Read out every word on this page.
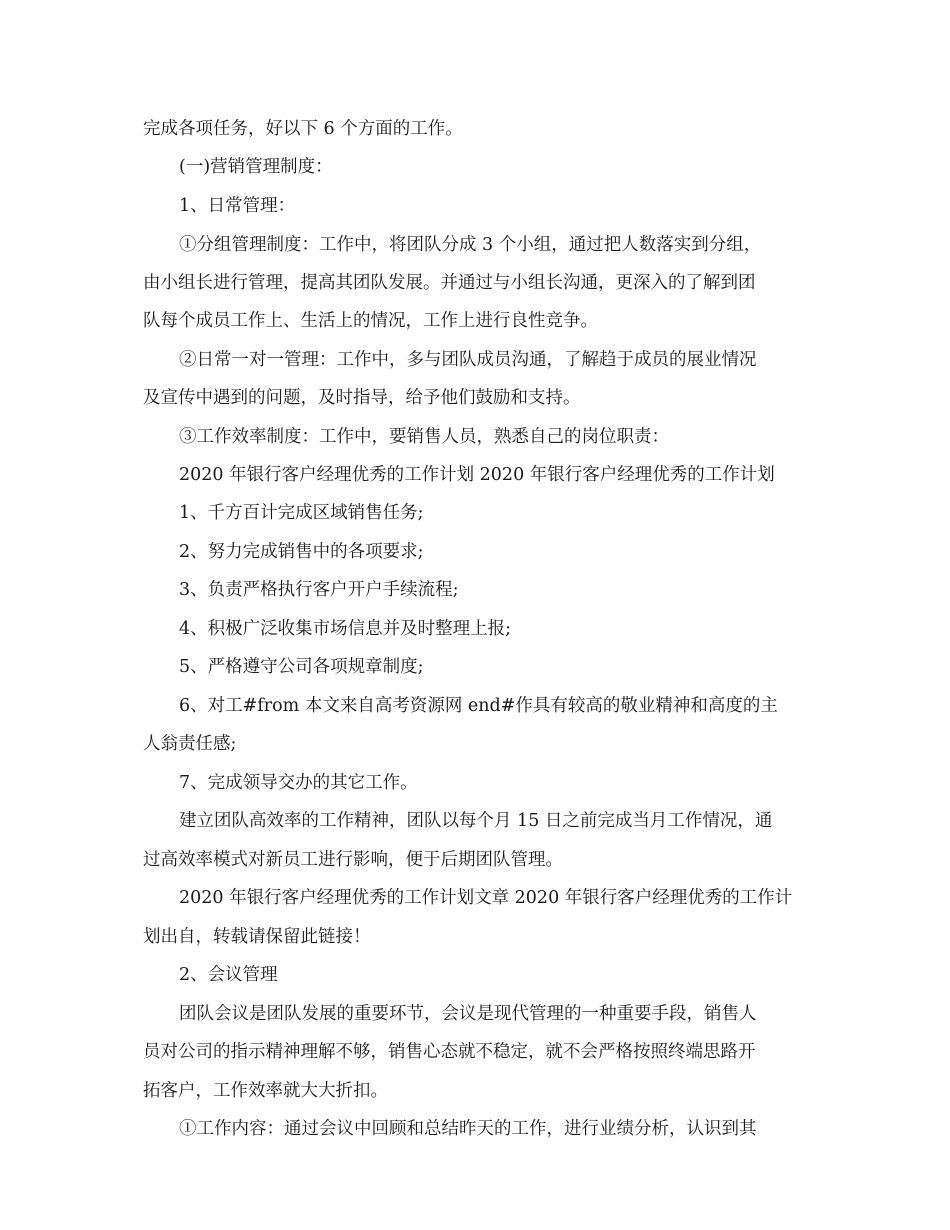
完成各项任务，好以下 6 个方面的工作。
(一)营销管理制度：
1、日常管理：
①分组管理制度：工作中，将团队分成 3 个小组，通过把人数落实到分组，
由小组长进行管理，提高其团队发展。并通过与小组长沟通，更深入的了解到团
队每个成员工作上、生活上的情况，工作上进行良性竞争。
②日常一对一管理：工作中，多与团队成员沟通，了解趋于成员的展业情况
及宣传中遇到的问题，及时指导，给予他们鼓励和支持。
③工作效率制度：工作中，要销售人员，熟悉自己的岗位职责：
2020 年银行客户经理优秀的工作计划 2020 年银行客户经理优秀的工作计划
1、千方百计完成区域销售任务;
2、努力完成销售中的各项要求;
3、负责严格执行客户开户手续流程;
4、积极广泛收集市场信息并及时整理上报;
5、严格遵守公司各项规章制度;
6、对工#from 本文来自高考资源网 end#作具有较高的敬业精神和高度的主
人翁责任感;
7、完成领导交办的其它工作。
建立团队高效率的工作精神，团队以每个月 15 日之前完成当月工作情况，通
过高效率模式对新员工进行影响，便于后期团队管理。
2020 年银行客户经理优秀的工作计划文章 2020 年银行客户经理优秀的工作计
划出自，转载请保留此链接！
2、会议管理
团队会议是团队发展的重要环节，会议是现代管理的一种重要手段，销售人
员对公司的指示精神理解不够，销售心态就不稳定，就不会严格按照终端思路开
拓客户，工作效率就大大折扣。
①工作内容：通过会议中回顾和总结昨天的工作，进行业绩分析，认识到其
